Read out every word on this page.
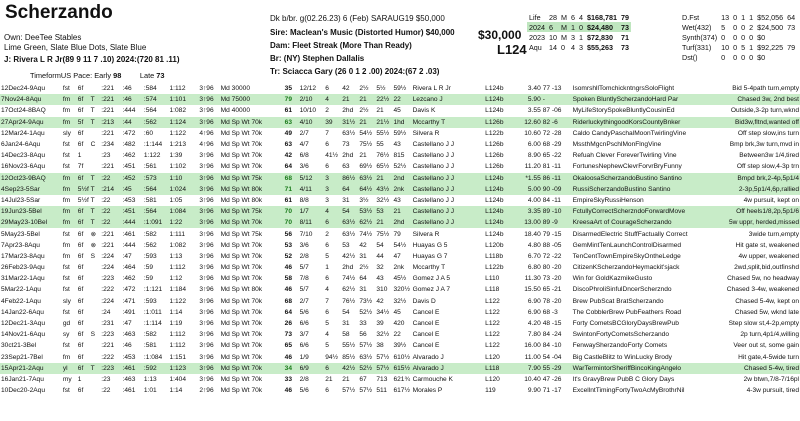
Scherzando
Own: DeeTee Stables
Lime Green, Slate Blue Dots, Slate Blue
J: Rivera L R Jr(89 9 11 7 .10) 2024:(720 81 .11)
Dk b/br. g(02.26.23) 6 (Feb) SARAUG19 $50,000
Sire: Maclean's Music (Distorted Humor) $40,000
Dam: Fleet Streak (More Than Ready)
Br: (NY) Stephen Dallalis
Tr: Sciacca Gary (26 0 1 2 .00) 2024:(67 2 .03)
$30,000
L124
Life	28	M	6	4	$168,781	79
2024	6	M	1	0	$24,480	73
2023	10	M	3	1	$72,830	71
Aqu	14	0	4	3	$55,263	73
D.Fst	13	0	1	1	$52,056	64
Wet(432)	5	0	0	2	$24,500	73
Synth(374)	0	0	0	0	$0	
Turf(331)	10	0	5	1	$92,225	79
Dst()	0	0	0	0	$0	
TimeformUS Pace: Early 98 Late 73
12Dec24-9Aqu	fst	6f		:221	:46	:584	1:112	3↑96	Md 30000	35	12/12	6	42	2½	5½	59½	Rivera L R Jr	L124b	3.40	77 -13	IsomrshllTomchickntngrsSoloFlight	Bid 5-4path turn,empty
7Nov24-8Aqu	fm	6f	T	:221	:46	:574	1:101	3↑96	Md 75000	79	2/10	4	21	21	22½	22	Lezcano J	L124b	5.90	-	Spoken BluntlyScherzandoHard Par	Chased 3w, 2nd best
17Oct24-8BAQ	fm	6f	T	:221	:444	:564	1:082	3↑96	Md 40000	61	10/10	2	2hd	2½	21	45	Davis K	L124b	3.55	87 -06	MyLifeStorySpokeBluntlyCousinEd	Outside,3-2p turn,wknd
27Apr24-9Aqu	fm	5f	T	:213	:44	:562	1:124	3↑96	Md Sp Wt 70k	63	4/10	39	31½	21	21½	1hd	Mccarthy T	L126b	12.60	82 -6	RiderluckythingoodKorsCountyBnker	Bid3w,fltnd,wanted off
12Mar24-1Aqu	sly	6f		:221	:472	:60	1:122	4↑96	Md Sp Wt 70k	49	2/7	7	63½	54½	55½	59½	Silvera R	L122b	10.60	72 -28	Caldo CandyPaschalMoonTwirlingVine	Off step slow,ins turn
6Jan24-6Aqu	fst	6f	C	:234	:482	:1:144	1:213	4↑96	Md Sp Wt 70k	63	4/7	6	73	75½	55	43	Castellano J J	L126b	6.00	68 -29	MssthMgcnPschlMonFlngVine	Bmp brk,3w turn,mvd in
14Dec23-8Aqu	fst	1		:23	:462	1:122	1:39	3↑96	Md Sp Wt 70k	42	6/8	41½	2hd	21	76½	815	Castellano J J	L126b	8.90	65 -22	Refuah Clever ForeverTwirling Vine	Between3w 1/4,tired
16Nov23-6Aqu	fst	7f		:221	:451	:561	1:102	3↑96	Md Sp Wt 70k	64	3/6	6	63	69½	65½	52½	Castellano J J	L126b	11.20	81 -11	FortunesNephewClevrForvrBryFunny	Off step slow,4-3p trn
12Oct23-9BAQ	fm	6f	T	:22	:452	:573	1:10	3↑96	Md Sp Wt 75k	68	5/12	3	86½	63½	21	2nd	Castellano J J	L124b	*1.55	86 -11	OkaloosaScherzandoBustino Santino	Bmpd brk,2-4p,5p1/4
4Sep23-5Sar	fm	5½f	T	:214	:45	:564	1:024	3↑96	Md Sp Wt 80k	71	4/11	3	64	64½	43½	2nk	Castellano J J	L124b	5.00	90 -09	RussiScherzandoBustino Santino	2-3p,5p1/4,6p,rallied
14Jul23-5Sar	fm	5½f	T	:22	:453	:581	1:05	3↑96	Md Sp Wt 80k	61	8/8	3	31	3½	32½	43	Castellano J J	L124b	4.00	84 -11	EmpireSkyRussiHenson	4w pursuit, kept on
19Jun23-5Bel	fm	6f	T	:22	:451	:564	1:084	3↑96	Md Sp Wt 75k	70	1/7	4	54	53½	53	21	Castellano J J	L124b	3.35	89 -10	FctullyCorrectScherzndoForwardMove	Off heels1/8,2p,5p1/6
29May23-10Bel	fm	6f	T	:22	:444	:1:091	1:22	3↑96	Md Sp Wt 70k	70	8/11	6	63½	62½	21	2hd	Castellano J J	L124b	13.00	89 -9	KreesaArt of CourageScherzando	5w uppr, herded,missed
5May23-5Bel	fst	6f	⊗	:221	:461	:582	1:111	3↑96	Md Sp Wt 75k	56	7/10	2	63½	74½	75½	79	Silvera R	L124b	18.40	79 -15	DisarmedElectric StuffFactually Correct	3wide turn,empty
7Apr23-8Aqu	fm	6f	⊗	:221	:444	:562	1:082	3↑96	Md Sp Wt 70k	53	3/6	6	53	42	54	54½	Huayas G 5	L120b	4.80	88 -05	GemMintTenLaunchControlDisarmed	Hit gate st, weakened
17Mar23-8Aqu	fm	6f	S	:224	:47	:593	1:13	3↑96	Md Sp Wt 70k	52	2/8	5	42½	31	44	47	Huayas G 7	L118b	6.70	72 -22	TenCentTownEmpireSkyOntheLedge	4w upper, weakened
26Feb23-9Aqu	fst	6f		:224	:464	:59	1:112	3↑96	Md Sp Wt 70k	46	5/7	1	2hd	2½	32	2nk	Mccarthy T	L122b	6.80	80 -20	CitizenKScherzandoHeymackit'sjack	2wd,split,bid,outfinshd
31Mar22-1Aqu	fst	6f		:223	:462	:59	1:12	3↑96	Md Sp Wt 70k	58	7/8	6	74½	64	43	45½	Gomez J A 5	L110	11.30	73 -20	Win for GoldKazmikeGusto	Chased 5w, no headway
5Mar22-1Aqu	fst	6f		:222	:472	:1:121	1:184	3↑96	Md Sp Wt 80k	46	5/7	4	62½	31	310	320½	Gomez J A 7	L118	15.50	65 -21	DiscoPhroliSinfulDncerScherzndo	Chased 3-4w, weakened
4Feb22-1Aqu	sly	6f		:224	:471	:593	1:122	3↑96	Md Sp Wt 70k	68	2/7	7	76½	73½	42	32½	Davis D	L122	6.90	78 -20	Brew PubScat BratScherzando	Chased 5-4w, kept on
14Jan22-6Aqu	fst	6f		:24	:491	:1:011	1:14	3↑96	Md Sp Wt 70k	64	5/6	6	54	52½	34½	45	Cancel E	L122	6.90	68 -3	The CobblerBrew PubFeathers Road	Chased 5w, wknd late
12Dec21-3Aqu	gd	6f		:231	:47	:1:114	1:19	3↑96	Md Sp Wt 70k	26	6/6	5	31	33	39	420	Cancel E	L122	4.20	48 -15	Forty CometsBCGloryDaysBrewPub	Step slow st,4-2p,empty
14Nov21-6Aqu	sy	6f	S	:223	:463	:582	1:112	3↑96	Md Sp Wt 70k	73	3/7	4	58	56	32½	22	Cancel E	L122	7.80	84 -24	SwintonFortyCometsScherzando	2p turn,4p1/4,willing
30ct21-3Bel	fst	6f		:221	:46	:581	1:112	3↑96	Md Sp Wt 70k	65	6/6	5	55½	57½	38	39½	Cancel E	L122	16.00	84 -10	FenwaySherzandoForty Comets	Veer out st, some gain
23Sep21-7Bel	fm	6f		:222	:453	:1:084	1:151	3↑96	Md Sp Wt 70k	46	1/9	94½	85½	63½	57½	610½	Alvarado J	L120	11.00	54 -04	Big CastleBlitz to WinLucky Brody	Hit gate,4-5wide turn
15Apr21-2Aqu	yl	6f	T	:223	:461	:592	1:123	3↑96	Md Sp Wt 70k	34	6/9	6	42½	52½	57½	615½	Alvarado J	L118	7.90	55 -29	WarTermintorSheriffBincoKingAngelo	Chased 5-4w, tired
16Jan21-7Aqu	my	1		:23	:463	1:13	1:404	3↑96	Md Sp Wt 70k	33	2/8	21	21	67	713	621¾	Carmouche K	L120	10.40	47 -26	It's GravyBrew PubB C Glory Days	2w btwn,7/8-7/16pl
10Dec20-2Aqu	fst	6f		:22	:461	1:01	1:14	2↑96	Md Sp Wt 70k	46	5/6	6	57½	57½	511	617½	Morales P	119	9.90	71 -17	ExcellntTimingFortyTwoAcMyBrothrNil	4-3w pursuit, tired
